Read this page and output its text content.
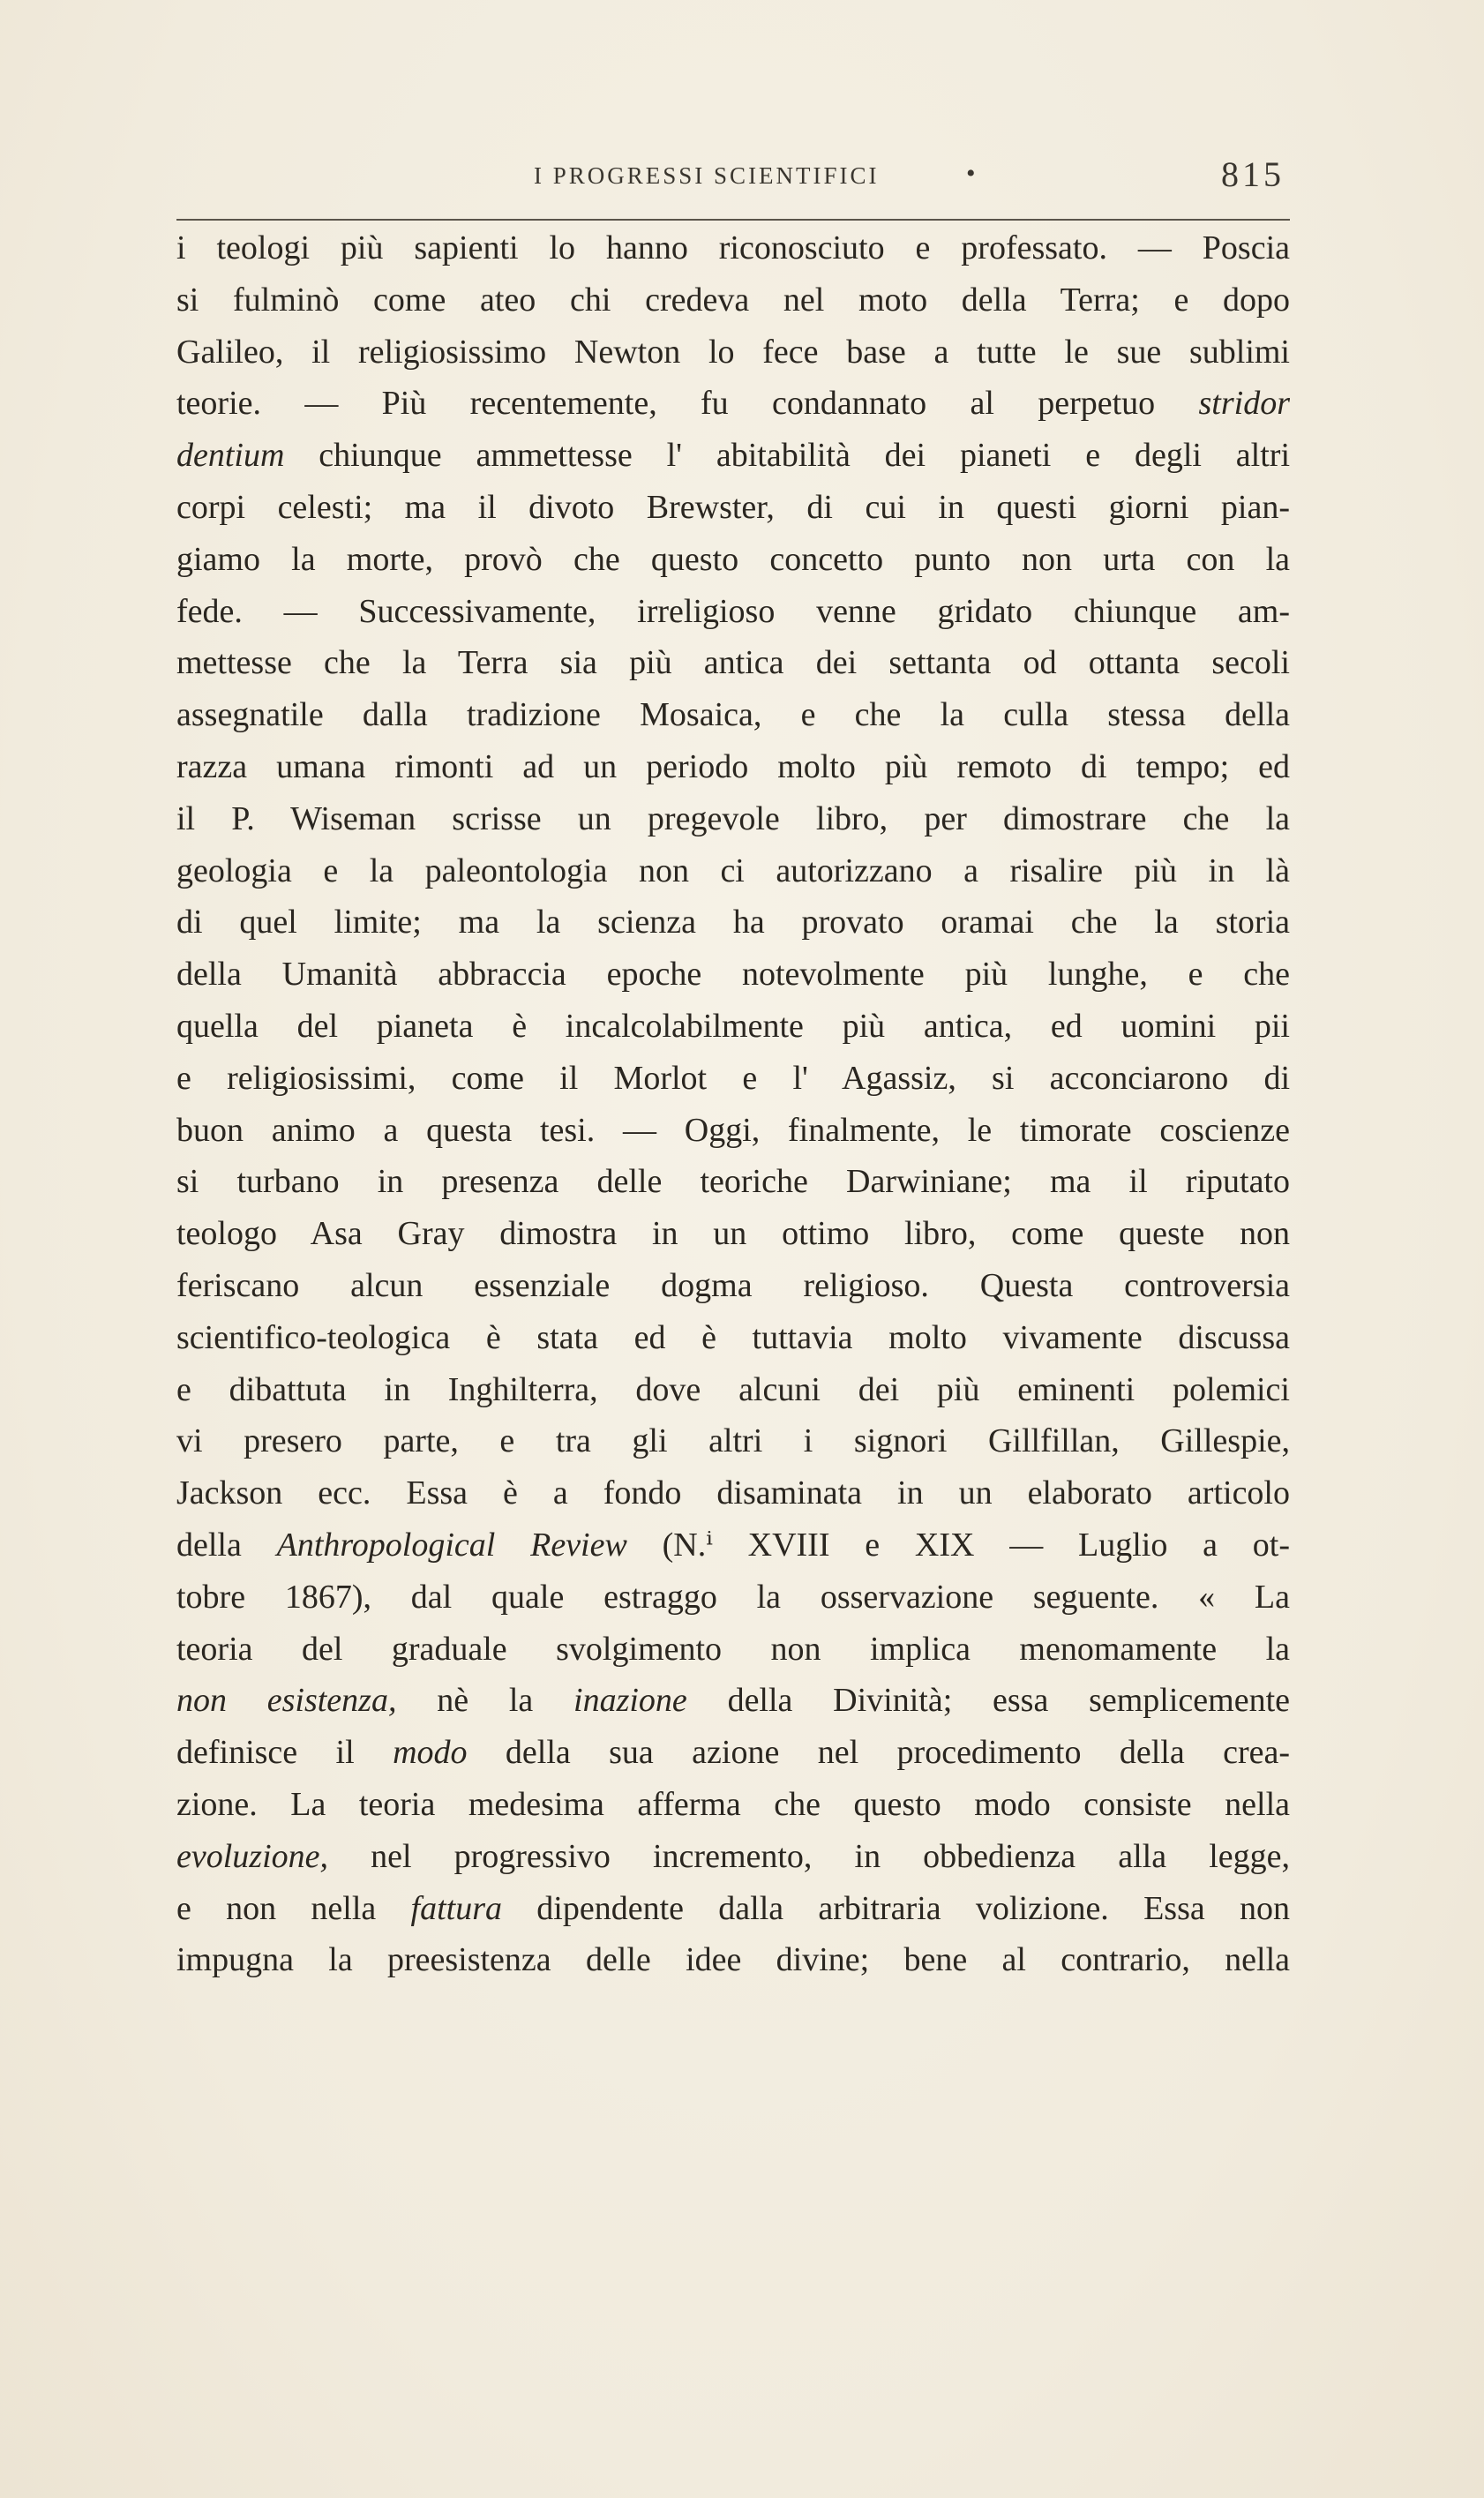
I PROGRESSI SCIENTIFICI	•	815
i teologi più sapienti lo hanno riconosciuto e professato. — Poscia
si fulminò come ateo chi credeva nel moto della Terra; e dopo
Galileo, il religiosissimo Newton lo fece base a tutte le sue sublimi
teorie. — Più recentemente, fu condannato al perpetuo stridor
dentium chiunque ammettesse l' abitabilità dei pianeti e degli altri
corpi celesti; ma il divoto Brewster, di cui in questi giorni pian-
giamo la morte, provò che questo concetto punto non urta con la
fede. — Successivamente, irreligioso venne gridato chiunque am-
mettesse che la Terra sia più antica dei settanta od ottanta secoli
assegnatile dalla tradizione Mosaica, e che la culla stessa della
razza umana rimonti ad un periodo molto più remoto di tempo; ed
il P. Wiseman scrisse un pregevole libro, per dimostrare che la
geologia e la paleontologia non ci autorizzano a risalire più in là
di quel limite; ma la scienza ha provato oramai che la storia
della Umanità abbraccia epoche notevolmente più lunghe, e che
quella del pianeta è incalcolabilmente più antica, ed uomini pii
e religiosissimi, come il Morlot e l' Agassiz, si acconciarono di
buon animo a questa tesi. — Oggi, finalmente, le timorate coscienze
si turbano in presenza delle teoriche Darwiniane; ma il riputato
teologo Asa Gray dimostra in un ottimo libro, come queste non
feriscano alcun essenziale dogma religioso. Questa controversia
scientifico-teologica è stata ed è tuttavia molto vivamente discussa
e dibattuta in Inghilterra, dove alcuni dei più eminenti polemici
vi presero parte, e tra gli altri i signori Gillfillan, Gillespie,
Jackson ecc. Essa è a fondo disaminata in un elaborato articolo
della Anthropological Review (N.ⁱ XVIII e XIX — Luglio a ot-
tobre 1867), dal quale estraggo la osservazione seguente. « La
teoria del graduale svolgimento non implica menomamente la
non esistenza, nè la inazione della Divinità; essa semplicemente
definisce il modo della sua azione nel procedimento della crea-
zione. La teoria medesima afferma che questo modo consiste nella
evoluzione, nel progressivo incremento, in obbedienza alla legge,
e non nella fattura dipendente dalla arbitraria volizione. Essa non
impugna la preesistenza delle idee divine; bene al contrario, nella
